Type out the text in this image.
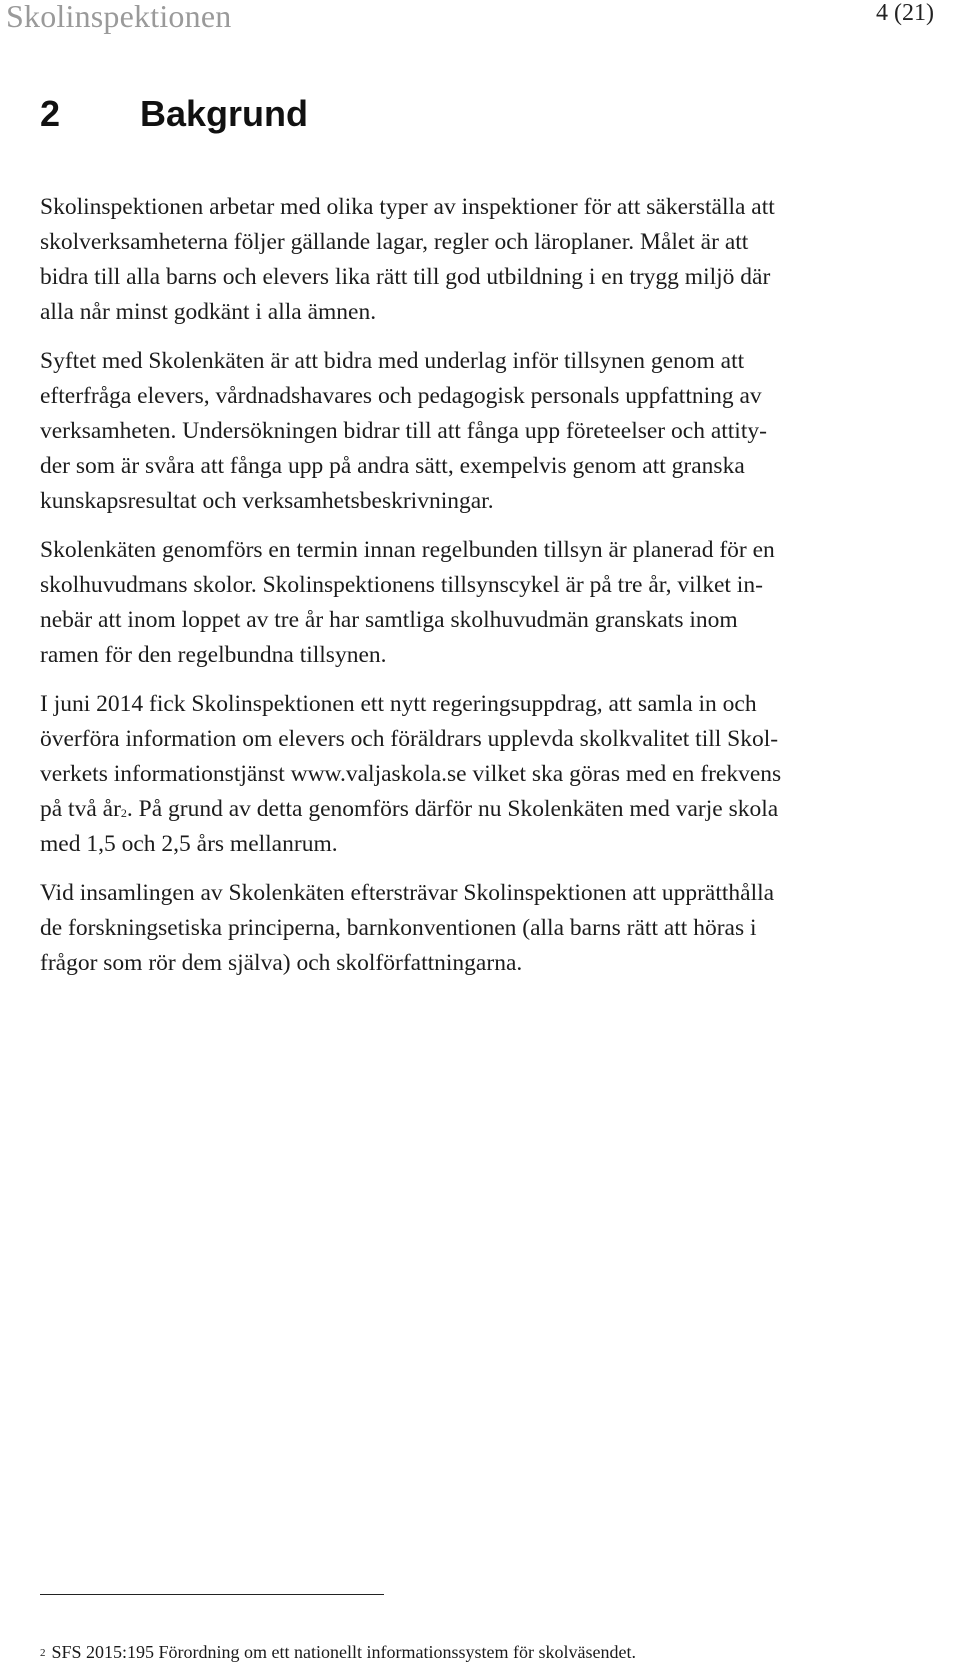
Skolinspektionen	4 (21)
2 Bakgrund

Skolinspektionen arbetar med olika typer av inspektioner för att säkerställa att
skolverksamheterna följer gällande lagar, regler och läroplaner. Målet är att
bidra till alla barns och elevers lika rätt till god utbildning i en trygg miljö där
alla når minst godkänt i alla ämnen.

Syftet med Skolenkäten är att bidra med underlag inför tillsynen genom att
efterfråga elevers, vårdnadshavares och pedagogisk personals uppfattning av
verksamheten. Undersökningen bidrar till att fånga upp företeelser och attity-
der som är svåra att fånga upp på andra sätt, exempelvis genom att granska
kunskapsresultat och verksamhetsbeskrivningar.

Skolenkäten genomförs en termin innan regelbunden tillsyn är planerad för en
skolhuvudmans skolor. Skolinspektionens tillsynscykel är på tre år, vilket in-
nebär att inom loppet av tre år har samtliga skolhuvudmän granskats inom
ramen för den regelbundna tillsynen.

I juni 2014 fick Skolinspektionen ett nytt regeringsuppdrag, att samla in och
överföra information om elevers och föräldrars upplevda skolkvalitet till Skol-
verkets informationstjänst www.valjaskola.se vilket ska göras med en frekvens
på två år$^2$. På grund av detta genomförs därför nu Skolenkäten med varje skola
med 1,5 och 2,5 års mellanrum.

Vid insamlingen av Skolenkäten eftersträvar Skolinspektionen att upprätthålla
de forskningsetiska principerna, barnkonventionen (alla barns rätt att höras i
frågor som rör dem själva) och skolförfattningarna.

$^2$ SFS 2015:195 Förordning om ett nationellt informationssystem för skolväsendet.
